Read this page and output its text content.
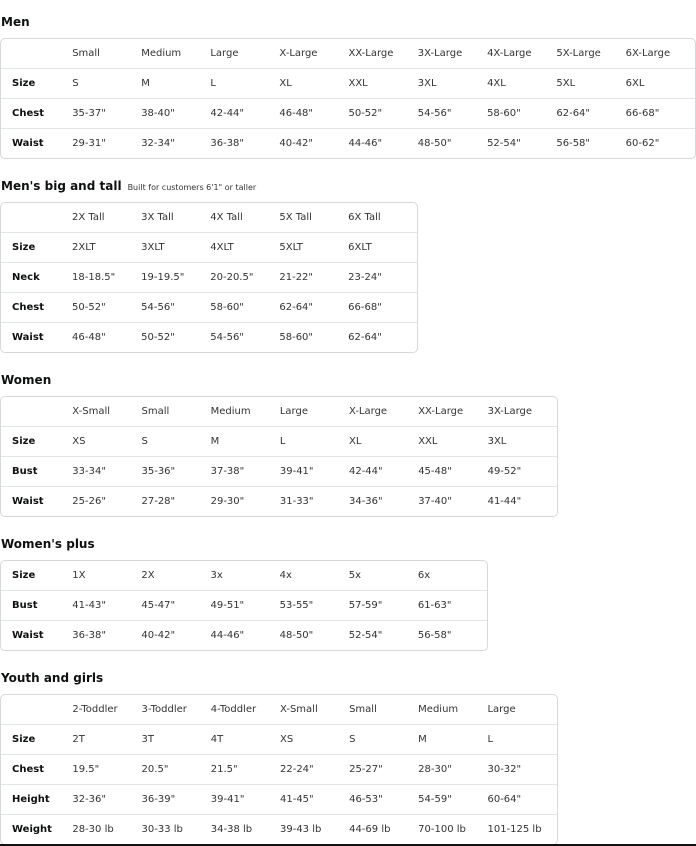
Men
	Small	Medium	Large	X-Large	XX-Large	3X-Large	4X-Large	5X-Large	6X-Large
Size	S	M	L	XL	XXL	3XL	4XL	5XL	6XL
Chest	35-37"	38-40"	42-44"	46-48"	50-52"	54-56"	58-60"	62-64"	66-68"
Waist	29-31"	32-34"	36-38"	40-42"	44-46"	48-50"	52-54"	56-58"	60-62"
Men's big and tall Built for customers 6'1" or taller
	2X Tall	3X Tall	4X Tall	5X Tall	6X Tall
Size	2XLT	3XLT	4XLT	5XLT	6XLT
Neck	18-18.5"	19-19.5"	20-20.5"	21-22"	23-24"
Chest	50-52"	54-56"	58-60"	62-64"	66-68"
Waist	46-48"	50-52"	54-56"	58-60"	62-64"
Women
	X-Small	Small	Medium	Large	X-Large	XX-Large	3X-Large
Size	XS	S	M	L	XL	XXL	3XL
Bust	33-34"	35-36"	37-38"	39-41"	42-44"	45-48"	49-52"
Waist	25-26"	27-28"	29-30"	31-33"	34-36"	37-40"	41-44"
Women's plus
Size	1X	2X	3x	4x	5x	6x
Bust	41-43"	45-47"	49-51"	53-55"	57-59"	61-63"
Waist	36-38"	40-42"	44-46"	48-50"	52-54"	56-58"
Youth and girls
	2-Toddler	3-Toddler	4-Toddler	X-Small	Small	Medium	Large
Size	2T	3T	4T	XS	S	M	L
Chest	19.5"	20.5"	21.5"	22-24"	25-27"	28-30"	30-32"
Height	32-36"	36-39"	39-41"	41-45"	46-53"	54-59"	60-64"
Weight	28-30 lb	30-33 lb	34-38 lb	39-43 lb	44-69 lb	70-100 lb	101-125 lb
